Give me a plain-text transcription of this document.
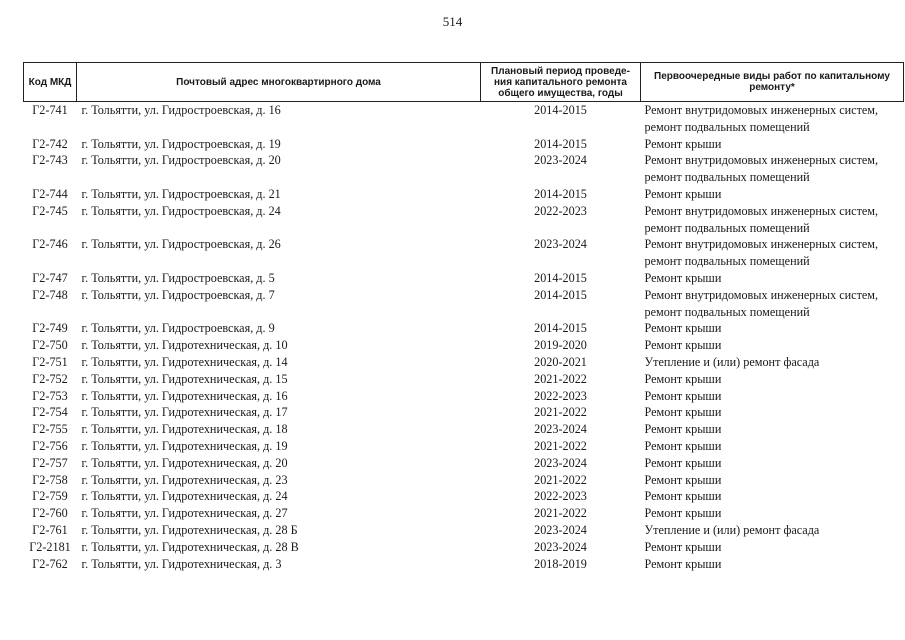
514
Код МКД	Почтовый адрес многоквартирного дома	Плановый период проведе-ния капитального ремонта общего имущества, годы	Первоочередные виды работ по капитальному ремонту*
Г2-741	г. Тольятти, ул. Гидростроевская, д. 16	2014-2015	Ремонт внутридомовых инженерных систем,
ремонт подвальных помещений

Г2-742	г. Тольятти, ул. Гидростроевская, д. 19	2014-2015	Ремонт крыши

Г2-743	г. Тольятти, ул. Гидростроевская, д. 20	2023-2024	Ремонт внутридомовых инженерных систем,
ремонт подвальных помещений

Г2-744	г. Тольятти, ул. Гидростроевская, д. 21	2014-2015	Ремонт крыши

Г2-745	г. Тольятти, ул. Гидростроевская, д. 24	2022-2023	Ремонт внутридомовых инженерных систем,
ремонт подвальных помещений

Г2-746	г. Тольятти, ул. Гидростроевская, д. 26	2023-2024	Ремонт внутридомовых инженерных систем,
ремонт подвальных помещений

Г2-747	г. Тольятти, ул. Гидростроевская, д. 5	2014-2015	Ремонт крыши

Г2-748	г. Тольятти, ул. Гидростроевская, д. 7	2014-2015	Ремонт внутридомовых инженерных систем,
ремонт подвальных помещений

Г2-749	г. Тольятти, ул. Гидростроевская, д. 9	2014-2015	Ремонт крыши

Г2-750	г. Тольятти, ул. Гидротехническая, д. 10	2019-2020	Ремонт крыши

Г2-751	г. Тольятти, ул. Гидротехническая, д. 14	2020-2021	Утепление и (или) ремонт фасада

Г2-752	г. Тольятти, ул. Гидротехническая, д. 15	2021-2022	Ремонт крыши

Г2-753	г. Тольятти, ул. Гидротехническая, д. 16	2022-2023	Ремонт крыши

Г2-754	г. Тольятти, ул. Гидротехническая, д. 17	2021-2022	Ремонт крыши

Г2-755	г. Тольятти, ул. Гидротехническая, д. 18	2023-2024	Ремонт крыши

Г2-756	г. Тольятти, ул. Гидротехническая, д. 19	2021-2022	Ремонт крыши

Г2-757	г. Тольятти, ул. Гидротехническая, д. 20	2023-2024	Ремонт крыши

Г2-758	г. Тольятти, ул. Гидротехническая, д. 23	2021-2022	Ремонт крыши

Г2-759	г. Тольятти, ул. Гидротехническая, д. 24	2022-2023	Ремонт крыши

Г2-760	г. Тольятти, ул. Гидротехническая, д. 27	2021-2022	Ремонт крыши

Г2-761	г. Тольятти, ул. Гидротехническая, д. 28 Б	2023-2024	Утепление и (или) ремонт фасада

Г2-2181	г. Тольятти, ул. Гидротехническая, д. 28 В	2023-2024	Ремонт крыши

Г2-762	г. Тольятти, ул. Гидротехническая, д. 3	2018-2019	Ремонт крыши
